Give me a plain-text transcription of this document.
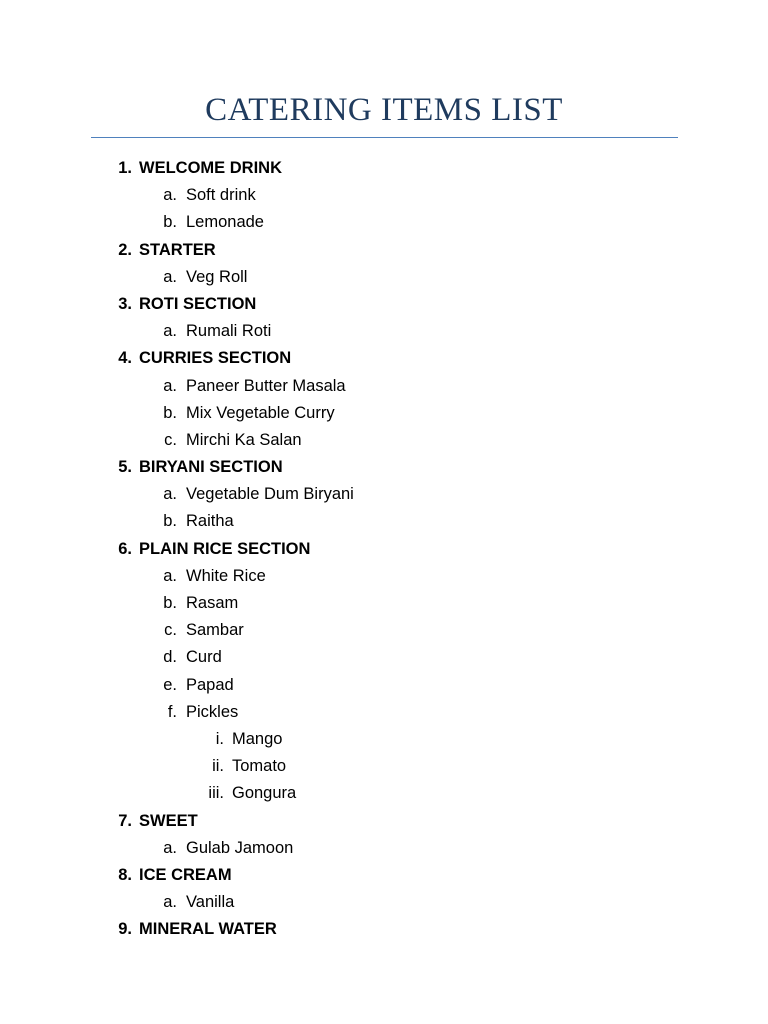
CATERING ITEMS LIST
1. WELCOME DRINK
a. Soft drink
b. Lemonade
2. STARTER
a. Veg Roll
3. ROTI SECTION
a. Rumali Roti
4. CURRIES SECTION
a. Paneer Butter Masala
b. Mix Vegetable Curry
c. Mirchi Ka Salan
5. BIRYANI SECTION
a. Vegetable Dum Biryani
b. Raitha
6. PLAIN RICE SECTION
a. White Rice
b. Rasam
c. Sambar
d. Curd
e. Papad
f. Pickles
i. Mango
ii. Tomato
iii. Gongura
7. SWEET
a. Gulab Jamoon
8. ICE CREAM
a. Vanilla
9. MINERAL WATER
